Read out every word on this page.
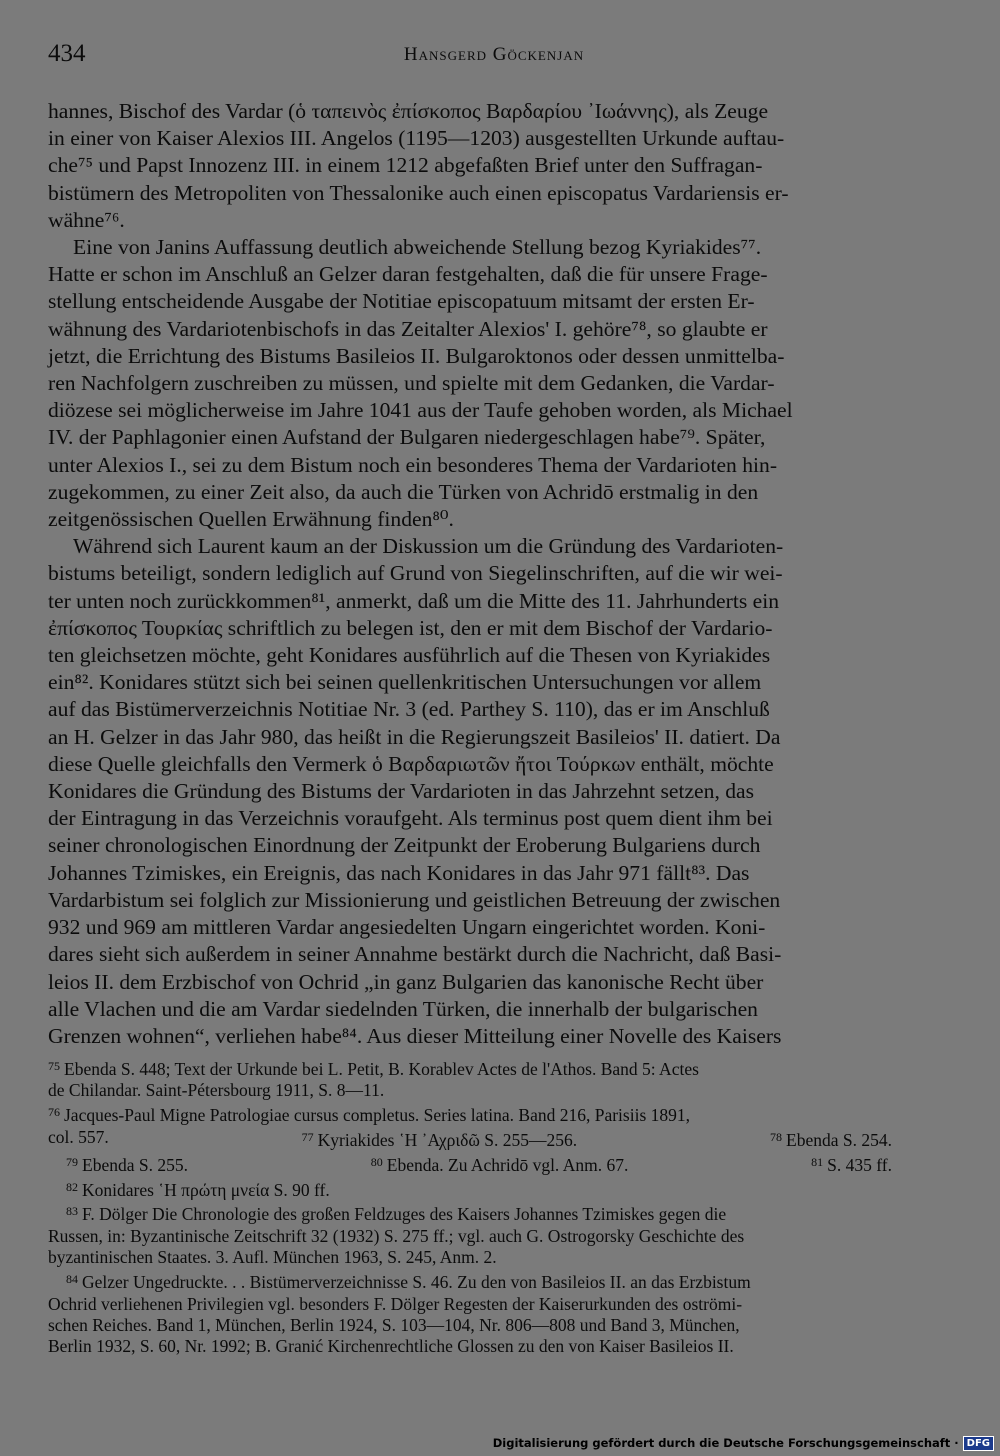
434	Hansgerd Göckenjan

hannes, Bischof des Vardar (ὁ ταπεινὸς ἐπίσκοπος Βαρδαρίου ᾿Ιωάννης), als Zeuge
in einer von Kaiser Alexios III. Angelos (1195—1203) ausgestellten Urkunde auftau-
che⁷⁵ und Papst Innozenz III. in einem 1212 abgefaßten Brief unter den Suffragan-
bistümern des Metropoliten von Thessalonike auch einen episcopatus Vardariensis er-
wähne⁷⁶.

Eine von Janins Auffassung deutlich abweichende Stellung bezog Kyriakides⁷⁷.
Hatte er schon im Anschluß an Gelzer daran festgehalten, daß die für unsere Frage-
stellung entscheidende Ausgabe der Notitiae episcopatuum mitsamt der ersten Er-
wähnung des Vardariotenbischofs in das Zeitalter Alexios' I. gehöre⁷⁸, so glaubte er
jetzt, die Errichtung des Bistums Basileios II. Bulgaroktonos oder dessen unmittelba-
ren Nachfolgern zuschreiben zu müssen, und spielte mit dem Gedanken, die Vardar-
diözese sei möglicherweise im Jahre 1041 aus der Taufe gehoben worden, als Michael
IV. der Paphlagonier einen Aufstand der Bulgaren niedergeschlagen habe⁷⁹. Später,
unter Alexios I., sei zu dem Bistum noch ein besonderes Thema der Vardarioten hin-
zugekommen, zu einer Zeit also, da auch die Türken von Achridō erstmalig in den
zeitgenössischen Quellen Erwähnung finden⁸⁰.

Während sich Laurent kaum an der Diskussion um die Gründung des Vardarioten-
bistums beteiligt, sondern lediglich auf Grund von Siegelinschriften, auf die wir wei-
ter unten noch zurückkommen⁸¹, anmerkt, daß um die Mitte des 11. Jahrhunderts ein
ἐπίσκοπος Τουρκίας schriftlich zu belegen ist, den er mit dem Bischof der Vardario-
ten gleichsetzen möchte, geht Konidares ausführlich auf die Thesen von Kyriakides
ein⁸². Konidares stützt sich bei seinen quellenkritischen Untersuchungen vor allem
auf das Bistümerverzeichnis Notitiae Nr. 3 (ed. Parthey S. 110), das er im Anschluß
an H. Gelzer in das Jahr 980, das heißt in die Regierungszeit Basileios' II. datiert. Da
diese Quelle gleichfalls den Vermerk ὁ Βαρδαριωτῶν ἤτοι Τούρκων enthält, möchte
Konidares die Gründung des Bistums der Vardarioten in das Jahrzehnt setzen, das
der Eintragung in das Verzeichnis voraufgeht. Als terminus post quem dient ihm bei
seiner chronologischen Einordnung der Zeitpunkt der Eroberung Bulgariens durch
Johannes Tzimiskes, ein Ereignis, das nach Konidares in das Jahr 971 fällt⁸³. Das
Vardarbistum sei folglich zur Missionierung und geistlichen Betreuung der zwischen
932 und 969 am mittleren Vardar angesiedelten Ungarn eingerichtet worden. Koni-
dares sieht sich außerdem in seiner Annahme bestärkt durch die Nachricht, daß Basi-
leios II. dem Erzbischof von Ochrid „in ganz Bulgarien das kanonische Recht über
alle Vlachen und die am Vardar siedelnden Türken, die innerhalb der bulgarischen
Grenzen wohnen“, verliehen habe⁸⁴. Aus dieser Mitteilung einer Novelle des Kaisers

$^{75}$ Ebenda S. 448; Text der Urkunde bei L. Petit, B. Korablev Actes de l'Athos. Band 5: Actes
de Chilandar. Saint-Pétersbourg 1911, S. 8—11.
$^{76}$ Jacques-Paul Migne Patrologiae cursus completus. Series latina. Band 216, Parisiis 1891,
col. 557.	$^{77}$ Kyriakides ῾Η ᾿Αχριδῶ S. 255—256.	$^{78}$ Ebenda S. 254.
$^{79}$ Ebenda S. 255.	$^{80}$ Ebenda. Zu Achridō vgl. Anm. 67.	$^{81}$ S. 435 ff.
$^{82}$ Konidares ῾Η πρώτη μνεία S. 90 ff.
$^{83}$ F. Dölger Die Chronologie des großen Feldzuges des Kaisers Johannes Tzimiskes gegen die
Russen, in: Byzantinische Zeitschrift 32 (1932) S. 275 ff.; vgl. auch G. Ostrogorsky Geschichte des
byzantinischen Staates. 3. Aufl. München 1963, S. 245, Anm. 2.
$^{84}$ Gelzer Ungedruckte. . . Bistümerverzeichnisse S. 46. Zu den von Basileios II. an das Erzbistum
Ochrid verliehenen Privilegien vgl. besonders F. Dölger Regesten der Kaiserurkunden des oströmi-
schen Reiches. Band 1, München, Berlin 1924, S. 103—104, Nr. 806—808 und Band 3, München,
Berlin 1932, S. 60, Nr. 1992; B. Granić Kirchenrechtliche Glossen zu den von Kaiser Basileios II.
Digitalisierung gefördert durch die Deutsche Forschungsgemeinschaft · DFG
